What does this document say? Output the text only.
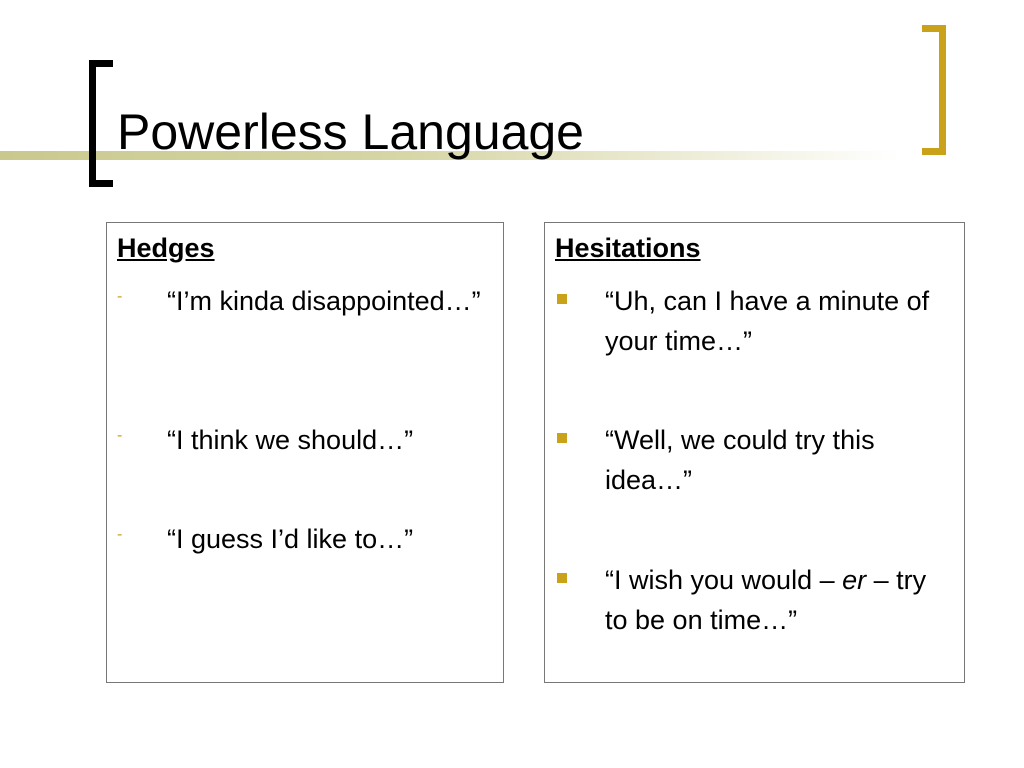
Powerless Language
Hedges
- “I’m kinda disappointed…”

- “I think we should…”

- “I guess I’d like to…”

Hesitations

“Uh, can I have a minute of your time…”

“Well, we could try this idea…”

“I wish you would – er – try to be on time…”
